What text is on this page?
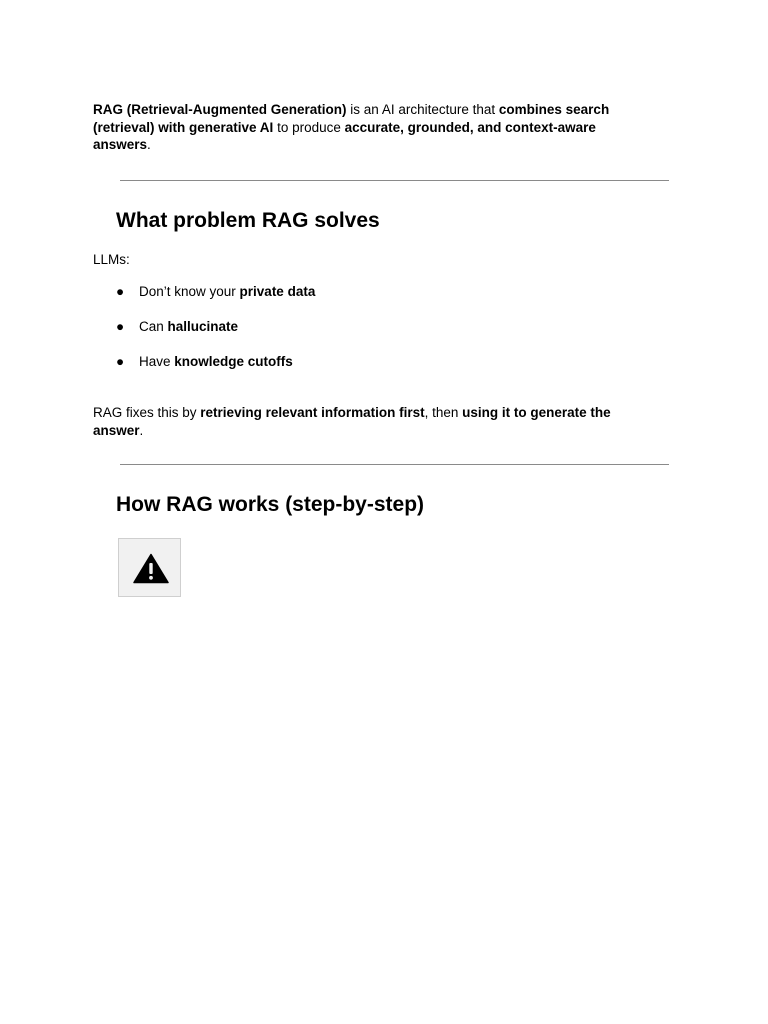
RAG (Retrieval-Augmented Generation) is an AI architecture that combines search (retrieval) with generative AI to produce accurate, grounded, and context-aware answers.

What problem RAG solves

LLMs:

● Don’t know your private data
● Can hallucinate
● Have knowledge cutoffs

RAG fixes this by retrieving relevant information first, then using it to generate the answer.

How RAG works (step-by-step)
